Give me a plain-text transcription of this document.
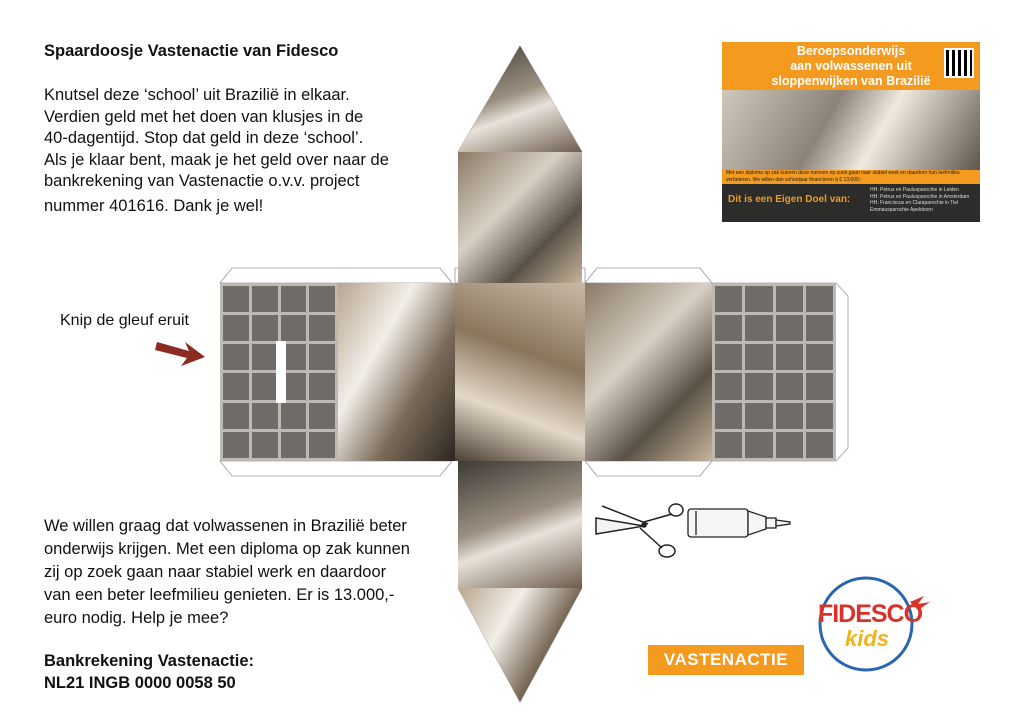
Spaardoosje Vastenactie van Fidesco
Knutsel deze ‘school’ uit Brazilië in elkaar.
Verdien geld met het doen van klusjes in de
40-dagentijd. Stop dat geld in deze ‘school’.
Als je klaar bent, maak je het geld over naar de
bankrekening van Vastenactie o.v.v. project
nummer 401616. Dank je wel!
Knip de gleuf eruit
Beroepsonderwijs
aan volwassenen uit
sloppenwijken van Brazilië
Met een diploma op zak kunnen deze mensen op zoek gaan naar stabiel werk en daardoor hun leefmilieu verbeteren. We willen dan schooljaar financieren à € 13.000,-
Dit is een Eigen Doel van:
HH. Petrus en Paulusparochie in Leiden
HH. Petrus en Paulusparochie in Amsterdam
HH. Franciscus en Claraparochie in Tiel
Emmausparochie Apeldoorn
We willen graag dat volwassenen in Brazilië beter
onderwijs krijgen. Met een diploma op zak kunnen
zij op zoek gaan naar stabiel werk en daardoor
van een beter leefmilieu genieten. Er is 13.000,-
euro nodig. Help je mee?
Bankrekening Vastenactie:
NL21 INGB 0000 0058 50
VASTENACTIE
FIDESCO
kids
